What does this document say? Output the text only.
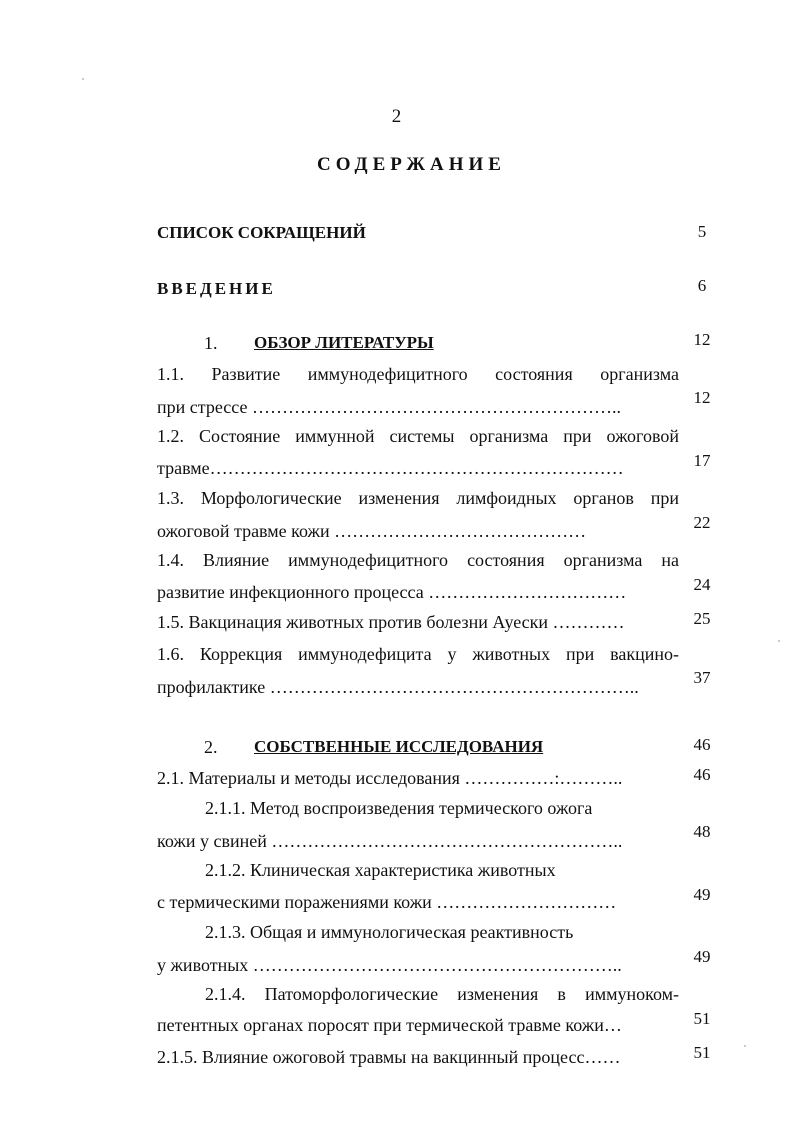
2
СОДЕРЖАНИЕ
СПИСОК СОКРАЩЕНИЙ	5
ВВЕДЕНИЕ	6
1. ОБЗОР ЛИТЕРАТУРЫ	12
1.1. Развитие иммунодефицитного состояния организма
при стрессе ……………………………………………………..	12
1.2. Состояние иммунной системы организма при ожоговой
травме……………………………………………………………	17
1.3. Морфологические изменения лимфоидных органов при
ожоговой травме кожи ……………………………………	22
1.4. Влияние иммунодефицитного состояния организма на
развитие инфекционного процесса ……………………………	24
1.5. Вакцинация животных против болезни Ауески …………	25
1.6. Коррекция иммунодефицита у животных при вакцино-
профилактике ……………………………………………………..	37
2. СОБСТВЕННЫЕ ИССЛЕДОВАНИЯ	46
2.1. Материалы и методы исследования ……………:………..	46
2.1.1. Метод воспроизведения термического ожога
кожи у свиней …………………………………………………..	48
2.1.2. Клиническая характеристика животных
с термическими поражениями кожи …………………………	49
2.1.3. Общая и иммунологическая реактивность
у животных ……………………………………………………..	49
2.1.4. Патоморфологические изменения в иммуноком-
петентных органах поросят при термической травме кожи…	51
2.1.5. Влияние ожоговой травмы на вакцинный процесс……	51
